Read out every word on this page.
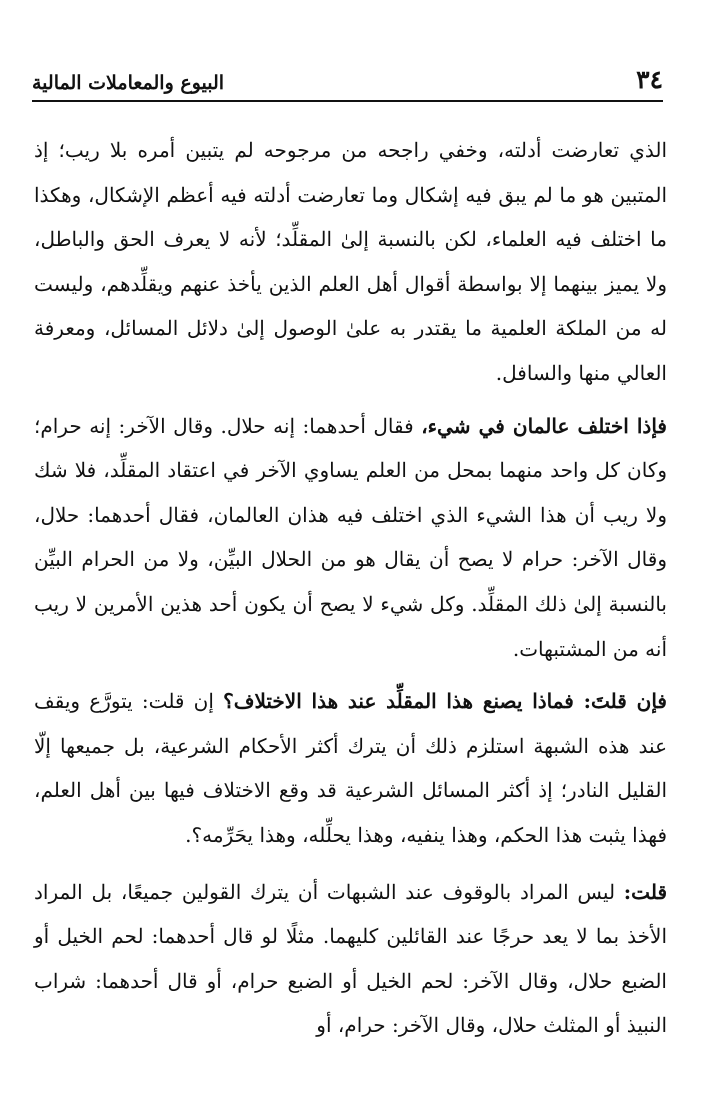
٣٤
البيوع والمعاملات المالية

الذي تعارضت أدلته، وخفي راجحه من مرجوحه لم يتبين أمره بلا ريب؛ إذ المتبين هو ما لم يبق فيه إشكال وما تعارضت أدلته فيه أعظم الإشكال، وهكذا ما اختلف فيه العلماء، لكن بالنسبة إلىٰ المقلِّد؛ لأنه لا يعرف الحق والباطل، ولا يميز بينهما إلا بواسطة أقوال أهل العلم الذين يأخذ عنهم ويقلِّدهم، وليست له من الملكة العلمية ما يقتدر به علىٰ الوصول إلىٰ دلائل المسائل، ومعرفة العالي منها والسافل.

فإذا اختلف عالمان في شيء، فقال أحدهما: إنه حلال. وقال الآخر: إنه حرام؛ وكان كل واحد منهما بمحل من العلم يساوي الآخر في اعتقاد المقلِّد، فلا شك ولا ريب أن هذا الشيء الذي اختلف فيه هذان العالمان، فقال أحدهما: حلال، وقال الآخر: حرام لا يصح أن يقال هو من الحلال البيِّن، ولا من الحرام البيِّن بالنسبة إلىٰ ذلك المقلِّد. وكل شيء لا يصح أن يكون أحد هذين الأمرين لا ريب أنه من المشتبهات.

فإن قلتَ: فماذا يصنع هذا المقلِّد عند هذا الاختلاف؟ إن قلت: يتورَّع ويقف عند هذه الشبهة استلزم ذلك أن يترك أكثر الأحكام الشرعية، بل جميعها إلّا القليل النادر؛ إذ أكثر المسائل الشرعية قد وقع الاختلاف فيها بين أهل العلم، فهذا يثبت هذا الحكم، وهذا ينفيه، وهذا يحلِّله، وهذا يحَرِّمه؟.

قلت: ليس المراد بالوقوف عند الشبهات أن يترك القولين جميعًا، بل المراد الأخذ بما لا يعد حرجًا عند القائلين كليهما. مثلًا لو قال أحدهما: لحم الخيل أو الضبع حلال، وقال الآخر: لحم الخيل أو الضبع حرام، أو قال أحدهما: شراب النبيذ أو المثلث حلال، وقال الآخر: حرام، أو
